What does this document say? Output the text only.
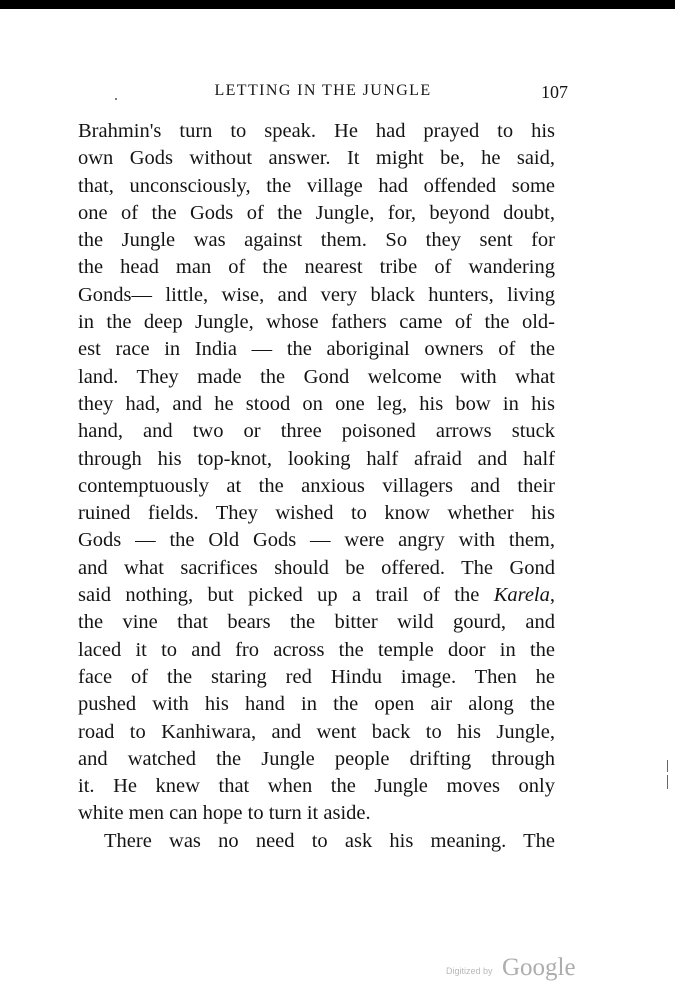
LETTING IN THE JUNGLE	107
Brahmin's turn to speak. He had prayed to his
own Gods without answer. It might be, he said,
that, unconsciously, the village had offended some
one of the Gods of the Jungle, for, beyond doubt,
the Jungle was against them. So they sent for
the head man of the nearest tribe of wandering
Gonds— little, wise, and very black hunters, living
in the deep Jungle, whose fathers came of the old-
est race in India — the aboriginal owners of the
land. They made the Gond welcome with what
they had, and he stood on one leg, his bow in his
hand, and two or three poisoned arrows stuck
through his top-knot, looking half afraid and half
contemptuously at the anxious villagers and their
ruined fields. They wished to know whether his
Gods — the Old Gods — were angry with them,
and what sacrifices should be offered. The Gond
said nothing, but picked up a trail of the Karela,
the vine that bears the bitter wild gourd, and
laced it to and fro across the temple door in the
face of the staring red Hindu image. Then he
pushed with his hand in the open air along the
road to Kanhiwara, and went back to his Jungle,
and watched the Jungle people drifting through
it. He knew that when the Jungle moves only
white men can hope to turn it aside.
There was no need to ask his meaning. The
Digitized by Google
